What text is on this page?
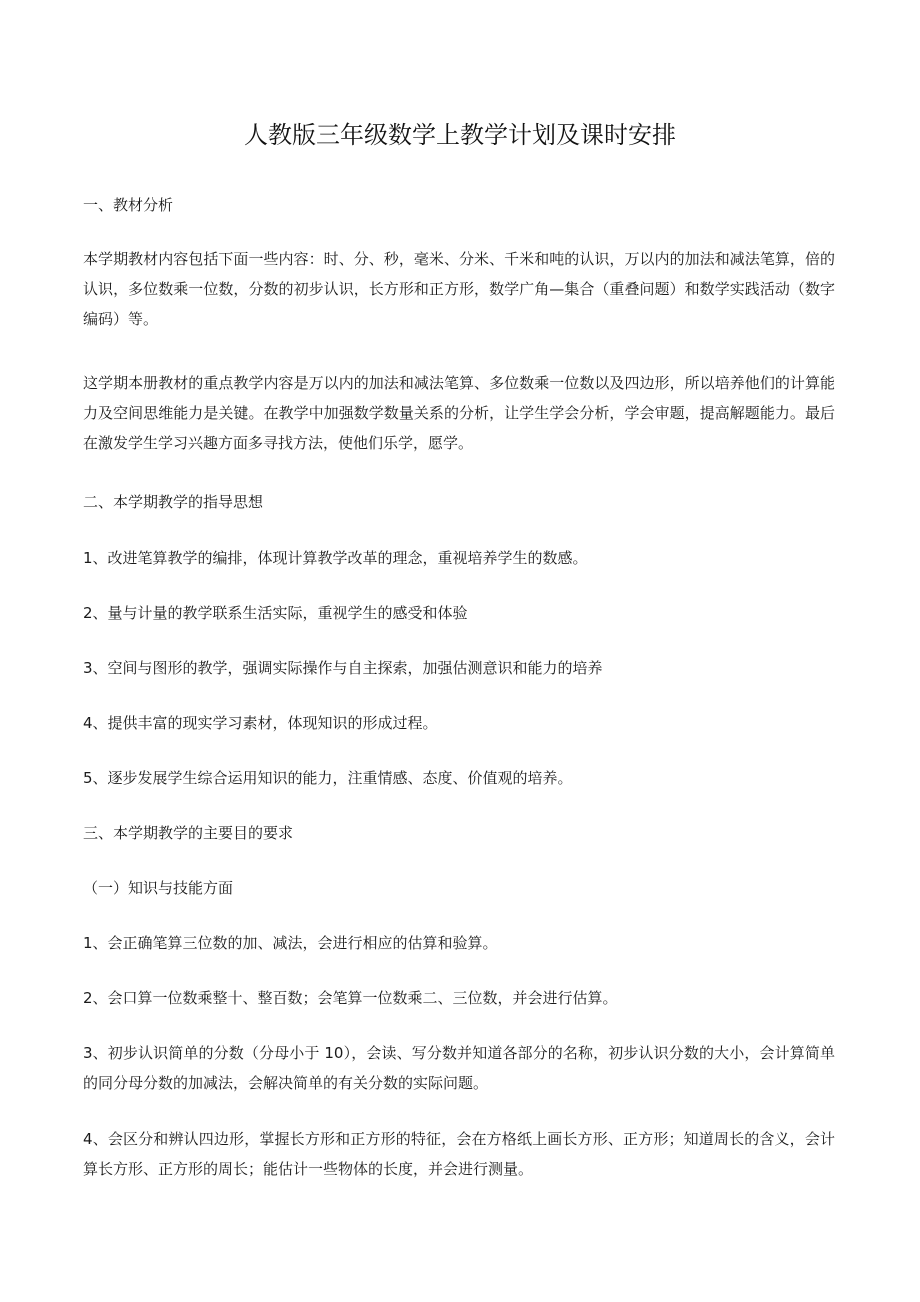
人教版三年级数学上教学计划及课时安排

一、教材分析

本学期教材内容包括下面一些内容：时、分、秒，毫米、分米、千米和吨的认识，万以内的加法和减法笔算，倍的认识，多位数乘一位数，分数的初步认识，长方形和正方形，数学广角—集合（重叠问题）和数学实践活动（数字编码）等。

这学期本册教材的重点教学内容是万以内的加法和减法笔算、多位数乘一位数以及四边形，所以培养他们的计算能力及空间思维能力是关键。在教学中加强数学数量关系的分析，让学生学会分析，学会审题，提高解题能力。最后在激发学生学习兴趣方面多寻找方法，使他们乐学，愿学。

二、本学期教学的指导思想

1、改进笔算教学的编排，体现计算教学改革的理念，重视培养学生的数感。

2、量与计量的教学联系生活实际，重视学生的感受和体验

3、空间与图形的教学，强调实际操作与自主探索，加强估测意识和能力的培养

4、提供丰富的现实学习素材，体现知识的形成过程。

5、逐步发展学生综合运用知识的能力，注重情感、态度、价值观的培养。

三、本学期教学的主要目的要求

（一）知识与技能方面

1、会正确笔算三位数的加、减法，会进行相应的估算和验算。

2、会口算一位数乘整十、整百数；会笔算一位数乘二、三位数，并会进行估算。

3、初步认识简单的分数（分母小于 10），会读、写分数并知道各部分的名称，初步认识分数的大小，会计算简单的同分母分数的加减法，会解决简单的有关分数的实际问题。

4、会区分和辨认四边形，掌握长方形和正方形的特征，会在方格纸上画长方形、正方形；知道周长的含义，会计算长方形、正方形的周长；能估计一些物体的长度，并会进行测量。
